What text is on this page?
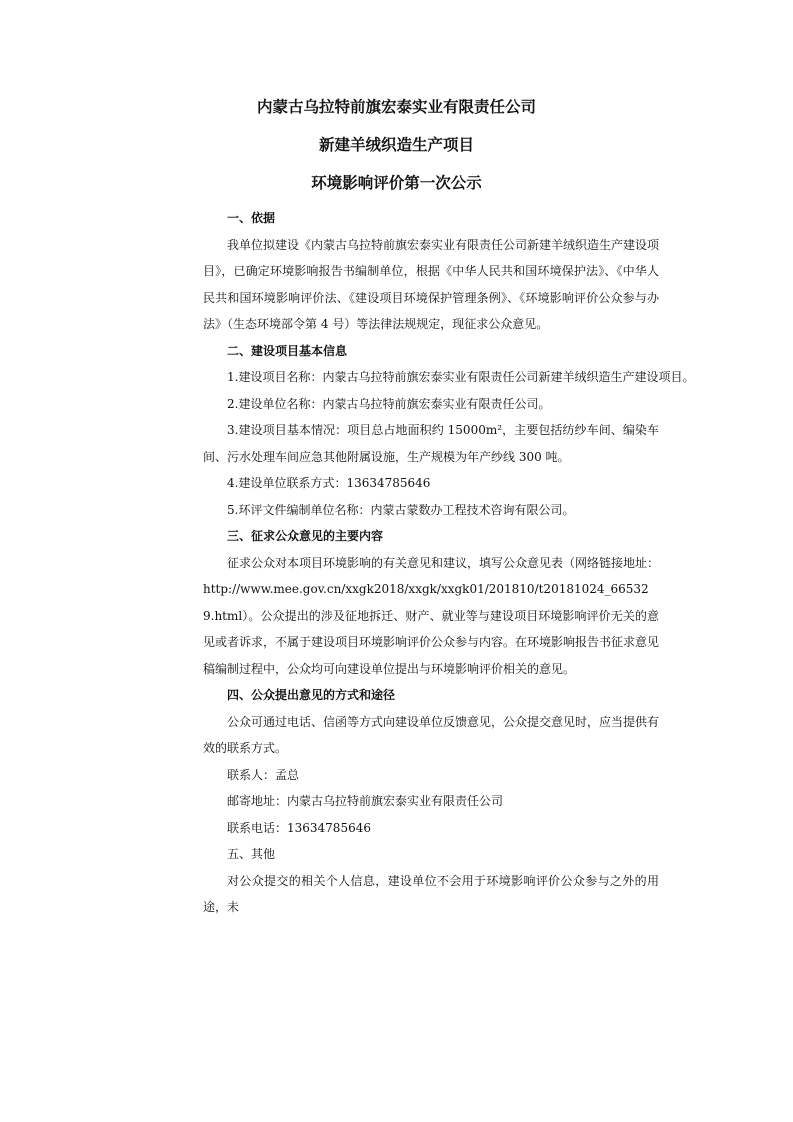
内蒙古乌拉特前旗宏泰实业有限责任公司
新建羊绒织造生产项目
环境影响评价第一次公示

一、依据

我单位拟建设《内蒙古乌拉特前旗宏泰实业有限责任公司新建羊绒织造生产建设项目》，已确定环境影响报告书编制单位，根据《中华人民共和国环境保护法》、《中华人民共和国环境影响评价法、《建设项目环境保护管理条例》、《环境影响评价公众参与办法》（生态环境部令第 4 号）等法律法规规定，现征求公众意见。

二、建设项目基本信息

1.建设项目名称：内蒙古乌拉特前旗宏泰实业有限责任公司新建羊绒织造生产建设项目。

2.建设单位名称：内蒙古乌拉特前旗宏泰实业有限责任公司。

3.建设项目基本情况：项目总占地面积约 15000m²，主要包括纺纱车间、编染车间、污水处理车间应急其他附属设施，生产规模为年产纱线 300 吨。

4.建设单位联系方式：13634785646

5.环评文件编制单位名称：内蒙古蒙数办工程技术咨询有限公司。

三、征求公众意见的主要内容

征求公众对本项目环境影响的有关意见和建议，填写公众意见表（网络链接地址：http://www.mee.gov.cn/xxgk2018/xxgk/xxgk01/201810/t20181024_665329.html）。公众提出的涉及征地拆迁、财产、就业等与建设项目环境影响评价无关的意见或者诉求，不属于建设项目环境影响评价公众参与内容。在环境影响报告书征求意见稿编制过程中，公众均可向建设单位提出与环境影响评价相关的意见。

四、公众提出意见的方式和途径

公众可通过电话、信函等方式向建设单位反馈意见，公众提交意见时，应当提供有效的联系方式。

联系人：孟总

邮寄地址：内蒙古乌拉特前旗宏泰实业有限责任公司

联系电话：13634785646

五、其他

对公众提交的相关个人信息，建设单位不会用于环境影响评价公众参与之外的用途，未
